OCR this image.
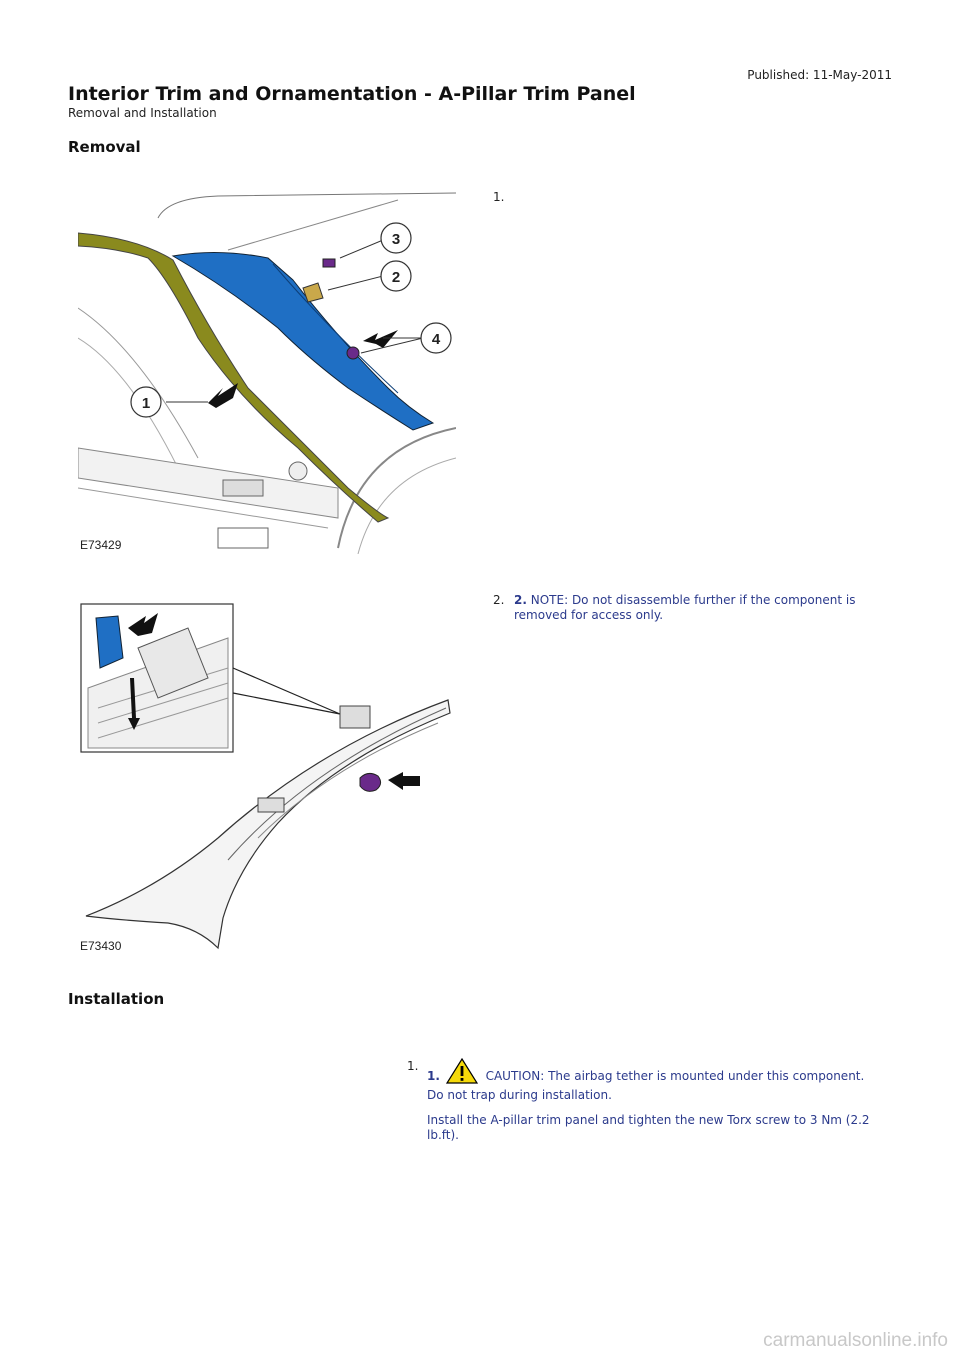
Published: 11-May-2011
Interior Trim and Ornamentation - A-Pillar Trim Panel
Removal and Installation
Removal
1
2
3
4
E73429
1.
E73430
2. 2. NOTE: Do not disassemble further if the component is removed for access only.
Installation
1.

1.	CAUTION: The airbag tether is mounted under this component. Do not trap during installation.

Install the A-pillar trim panel and tighten the new Torx screw to 3 Nm (2.2 lb.ft).

carmanualsonline.info
